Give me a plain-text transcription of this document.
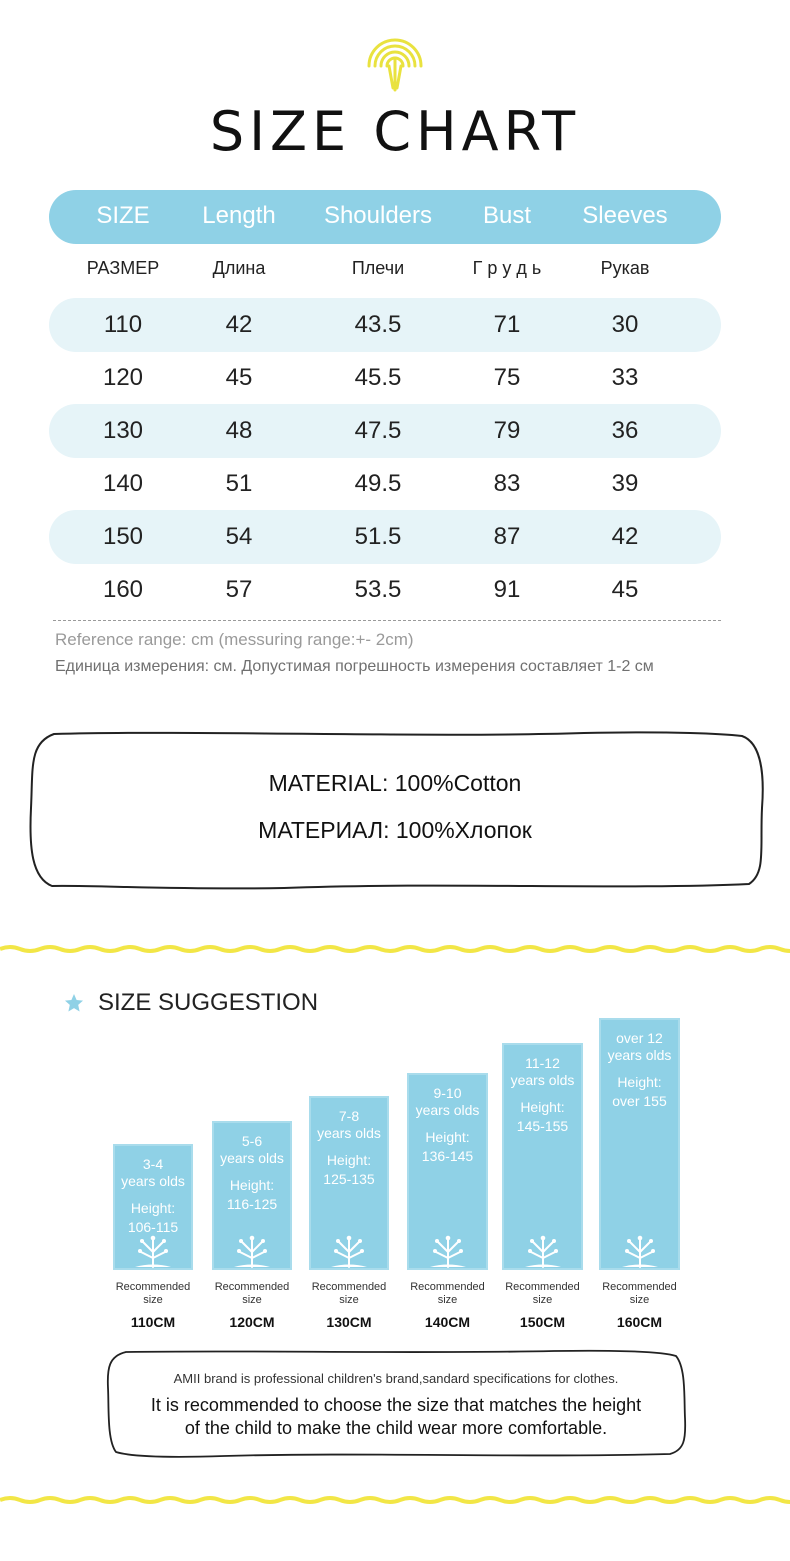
SIZE CHART
SIZE	Length	Shoulders	Bust	Sleeves
РАЗМЕР	Длина	Плечи	Г р у д ь	Рукав
110	42	43.5	71	30
120	45	45.5	75	33
130	48	47.5	79	36
140	51	49.5	83	39
150	54	51.5	87	42
160	57	53.5	91	45
Reference range: cm (messuring range:+- 2cm)
Единица измерения: см. Допустимая погрешность измерения составляет 1-2 см
MATERIAL: 100%Cotton
МАТЕРИАЛ: 100%Хлопок
SIZE SUGGESTION
3-4
years olds
Height:
106-115
Recommended size
110CM
5-6
years olds
Height:
116-125
Recommended size
120CM
7-8
years olds
Height:
125-135
Recommended size
130CM
9-10
years olds
Height:
136-145
Recommended size
140CM
11-12
years olds
Height:
145-155
Recommended size
150CM
over 12
years olds
Height:
over 155
Recommended size
160CM
AMII brand is professional children's brand,sandard specifications for clothes.
It is recommended to choose the size that matches the height
of the child to make the child wear more comfortable.
